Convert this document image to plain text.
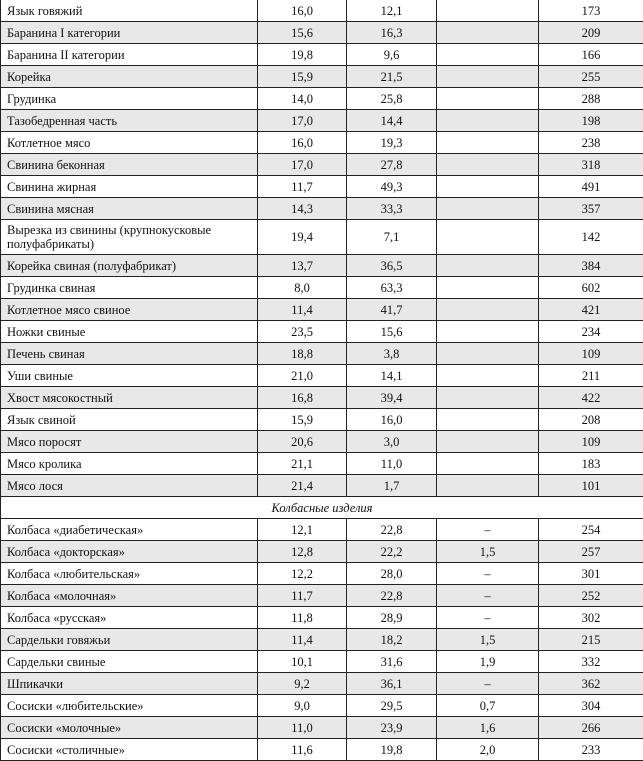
Язык говяжий	16,0	12,1		173
Баранина I категории	15,6	16,3		209
Баранина II категории	19,8	9,6		166
Корейка	15,9	21,5		255
Грудинка	14,0	25,8		288
Тазобедренная часть	17,0	14,4		198
Котлетное мясо	16,0	19,3		238
Свинина беконная	17,0	27,8		318
Свинина жирная	11,7	49,3		491
Свинина мясная	14,3	33,3		357
Вырезка из свинины (крупнокусковые полуфабрикаты)	19,4	7,1		142
Корейка свиная (полуфабрикат)	13,7	36,5		384
Грудинка свиная	8,0	63,3		602
Котлетное мясо свиное	11,4	41,7		421
Ножки свиные	23,5	15,6		234
Печень свиная	18,8	3,8		109
Уши свиные	21,0	14,1		211
Хвост мясокостный	16,8	39,4		422
Язык свиной	15,9	16,0		208
Мясо поросят	20,6	3,0		109
Мясо кролика	21,1	11,0		183
Мясо лося	21,4	1,7		101
Колбасные изделия				
Колбаса «диабетическая»	12,1	22,8	–	254
Колбаса «докторская»	12,8	22,2	1,5	257
Колбаса «любительская»	12,2	28,0	–	301
Колбаса «молочная»	11,7	22,8	–	252
Колбаса «русская»	11,8	28,9	–	302
Сардельки говяжьи	11,4	18,2	1,5	215
Сардельки свиные	10,1	31,6	1,9	332
Шпикачки	9,2	36,1	–	362
Сосиски «любительские»	9,0	29,5	0,7	304
Сосиски «молочные»	11,0	23,9	1,6	266
Сосиски «столичные»	11,6	19,8	2,0	233
